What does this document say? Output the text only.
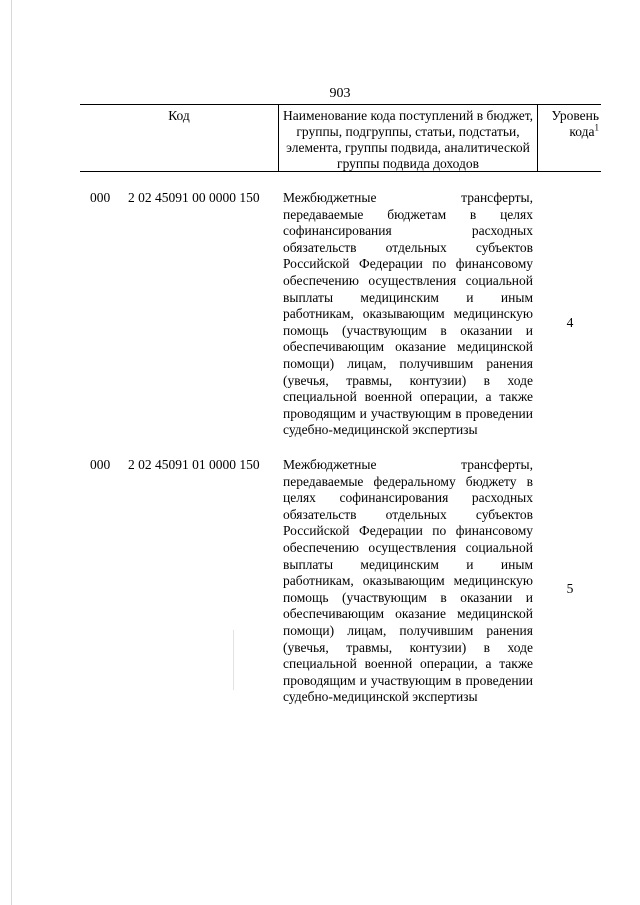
903
Код	Наименование кода поступлений в бюджет, группы, подгруппы, статьи, подстатьи, элемента, группы подвида, аналитической группы подвида доходов
Уровень кода$^1$
000 2 02 45091 00 0000 150 Межбюджетные трансферты, передаваемые бюджетам в целях софинансирования расходных обязательств отдельных субъектов Российской Федерации по финансовому обеспечению осуществления социальной выплаты медицинским и иным работникам, оказывающим медицинскую помощь (участвующим в оказании и обеспечивающим оказание медицинской помощи) лицам, получившим ранения (увечья, травмы, контузии) в ходе специальной военной операции, а также проводящим и участвующим в проведении судебно-медицинской экспертизы
4
000 2 02 45091 01 0000 150 Межбюджетные трансферты, передаваемые федеральному бюджету в целях софинансирования расходных обязательств отдельных субъектов Российской Федерации по финансовому обеспечению осуществления социальной выплаты медицинским и иным работникам, оказывающим медицинскую помощь (участвующим в оказании и обеспечивающим оказание медицинской помощи) лицам, получившим ранения (увечья, травмы, контузии) в ходе специальной военной операции, а также проводящим и участвующим в проведении судебно-медицинской экспертизы
5
